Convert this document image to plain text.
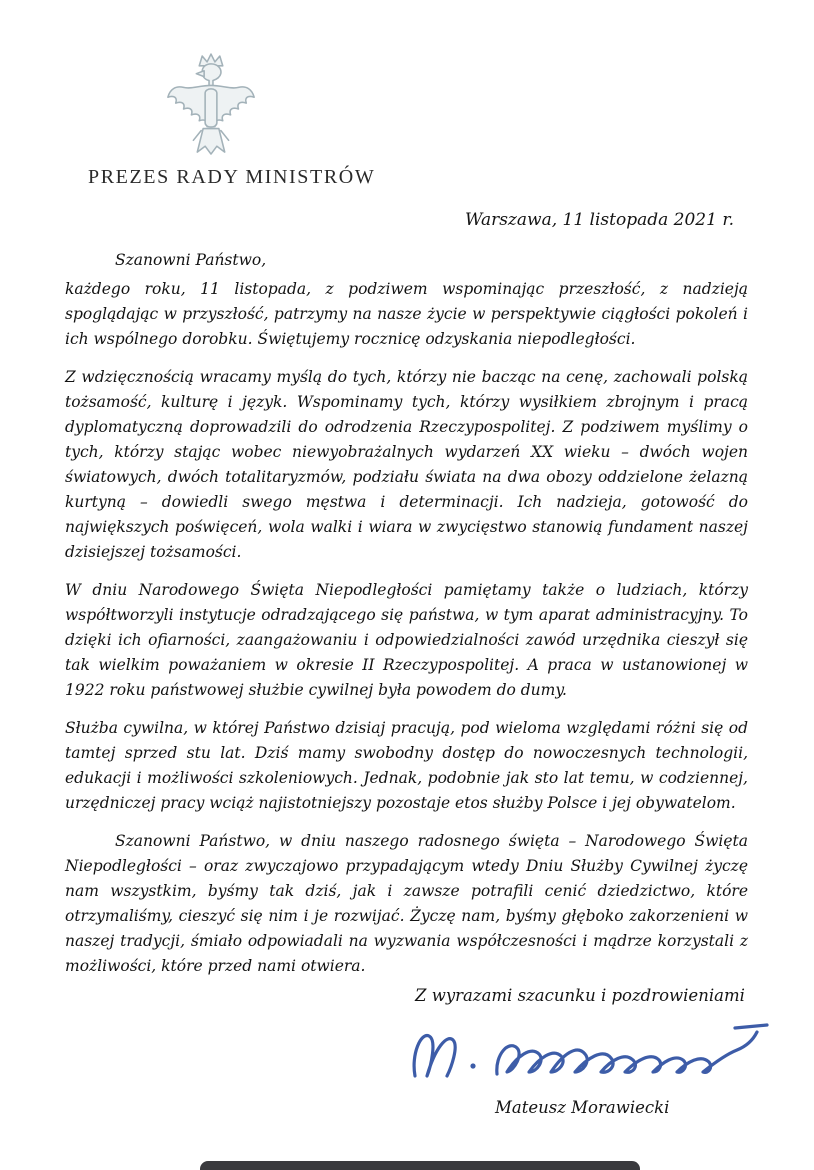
PREZES RADY MINISTRÓW
Warszawa, 11 listopada 2021 r.

Szanowni Państwo,

każdego roku, 11 listopada, z podziwem wspominając przeszłość, z nadzieją spoglądając w przyszłość, patrzymy na nasze życie w perspektywie ciągłości pokoleń i ich wspólnego dorobku. Świętujemy rocznicę odzyskania niepodległości.

Z wdzięcznością wracamy myślą do tych, którzy nie bacząc na cenę, zachowali polską tożsamość, kulturę i język. Wspominamy tych, którzy wysiłkiem zbrojnym i pracą dyplomatyczną doprowadzili do odrodzenia Rzeczypospolitej. Z podziwem myślimy o tych, którzy stając wobec niewyobrażalnych wydarzeń XX wieku – dwóch wojen światowych, dwóch totalitaryzmów, podziału świata na dwa obozy oddzielone żelazną kurtyną – dowiedli swego męstwa i determinacji. Ich nadzieja, gotowość do największych poświęceń, wola walki i wiara w zwycięstwo stanowią fundament naszej dzisiejszej tożsamości.

W dniu Narodowego Święta Niepodległości pamiętamy także o ludziach, którzy współtworzyli instytucje odradzającego się państwa, w tym aparat administracyjny. To dzięki ich ofiarności, zaangażowaniu i odpowiedzialności zawód urzędnika cieszył się tak wielkim poważaniem w okresie II Rzeczypospolitej. A praca w ustanowionej w 1922 roku państwowej służbie cywilnej była powodem do dumy.

Służba cywilna, w której Państwo dzisiaj pracują, pod wieloma względami różni się od tamtej sprzed stu lat. Dziś mamy swobodny dostęp do nowoczesnych technologii, edukacji i możliwości szkoleniowych. Jednak, podobnie jak sto lat temu, w codziennej, urzędniczej pracy wciąż najistotniejszy pozostaje etos służby Polsce i jej obywatelom.

Szanowni Państwo, w dniu naszego radosnego święta – Narodowego Święta Niepodległości – oraz zwyczajowo przypadającym wtedy Dniu Służby Cywilnej życzę nam wszystkim, byśmy tak dziś, jak i zawsze potrafili cenić dziedzictwo, które otrzymaliśmy, cieszyć się nim i je rozwijać. Życzę nam, byśmy głęboko zakorzenieni w naszej tradycji, śmiało odpowiadali na wyzwania współczesności i mądrze korzystali z możliwości, które przed nami otwiera.

Z wyrazami szacunku i pozdrowieniami
Mateusz Morawiecki
